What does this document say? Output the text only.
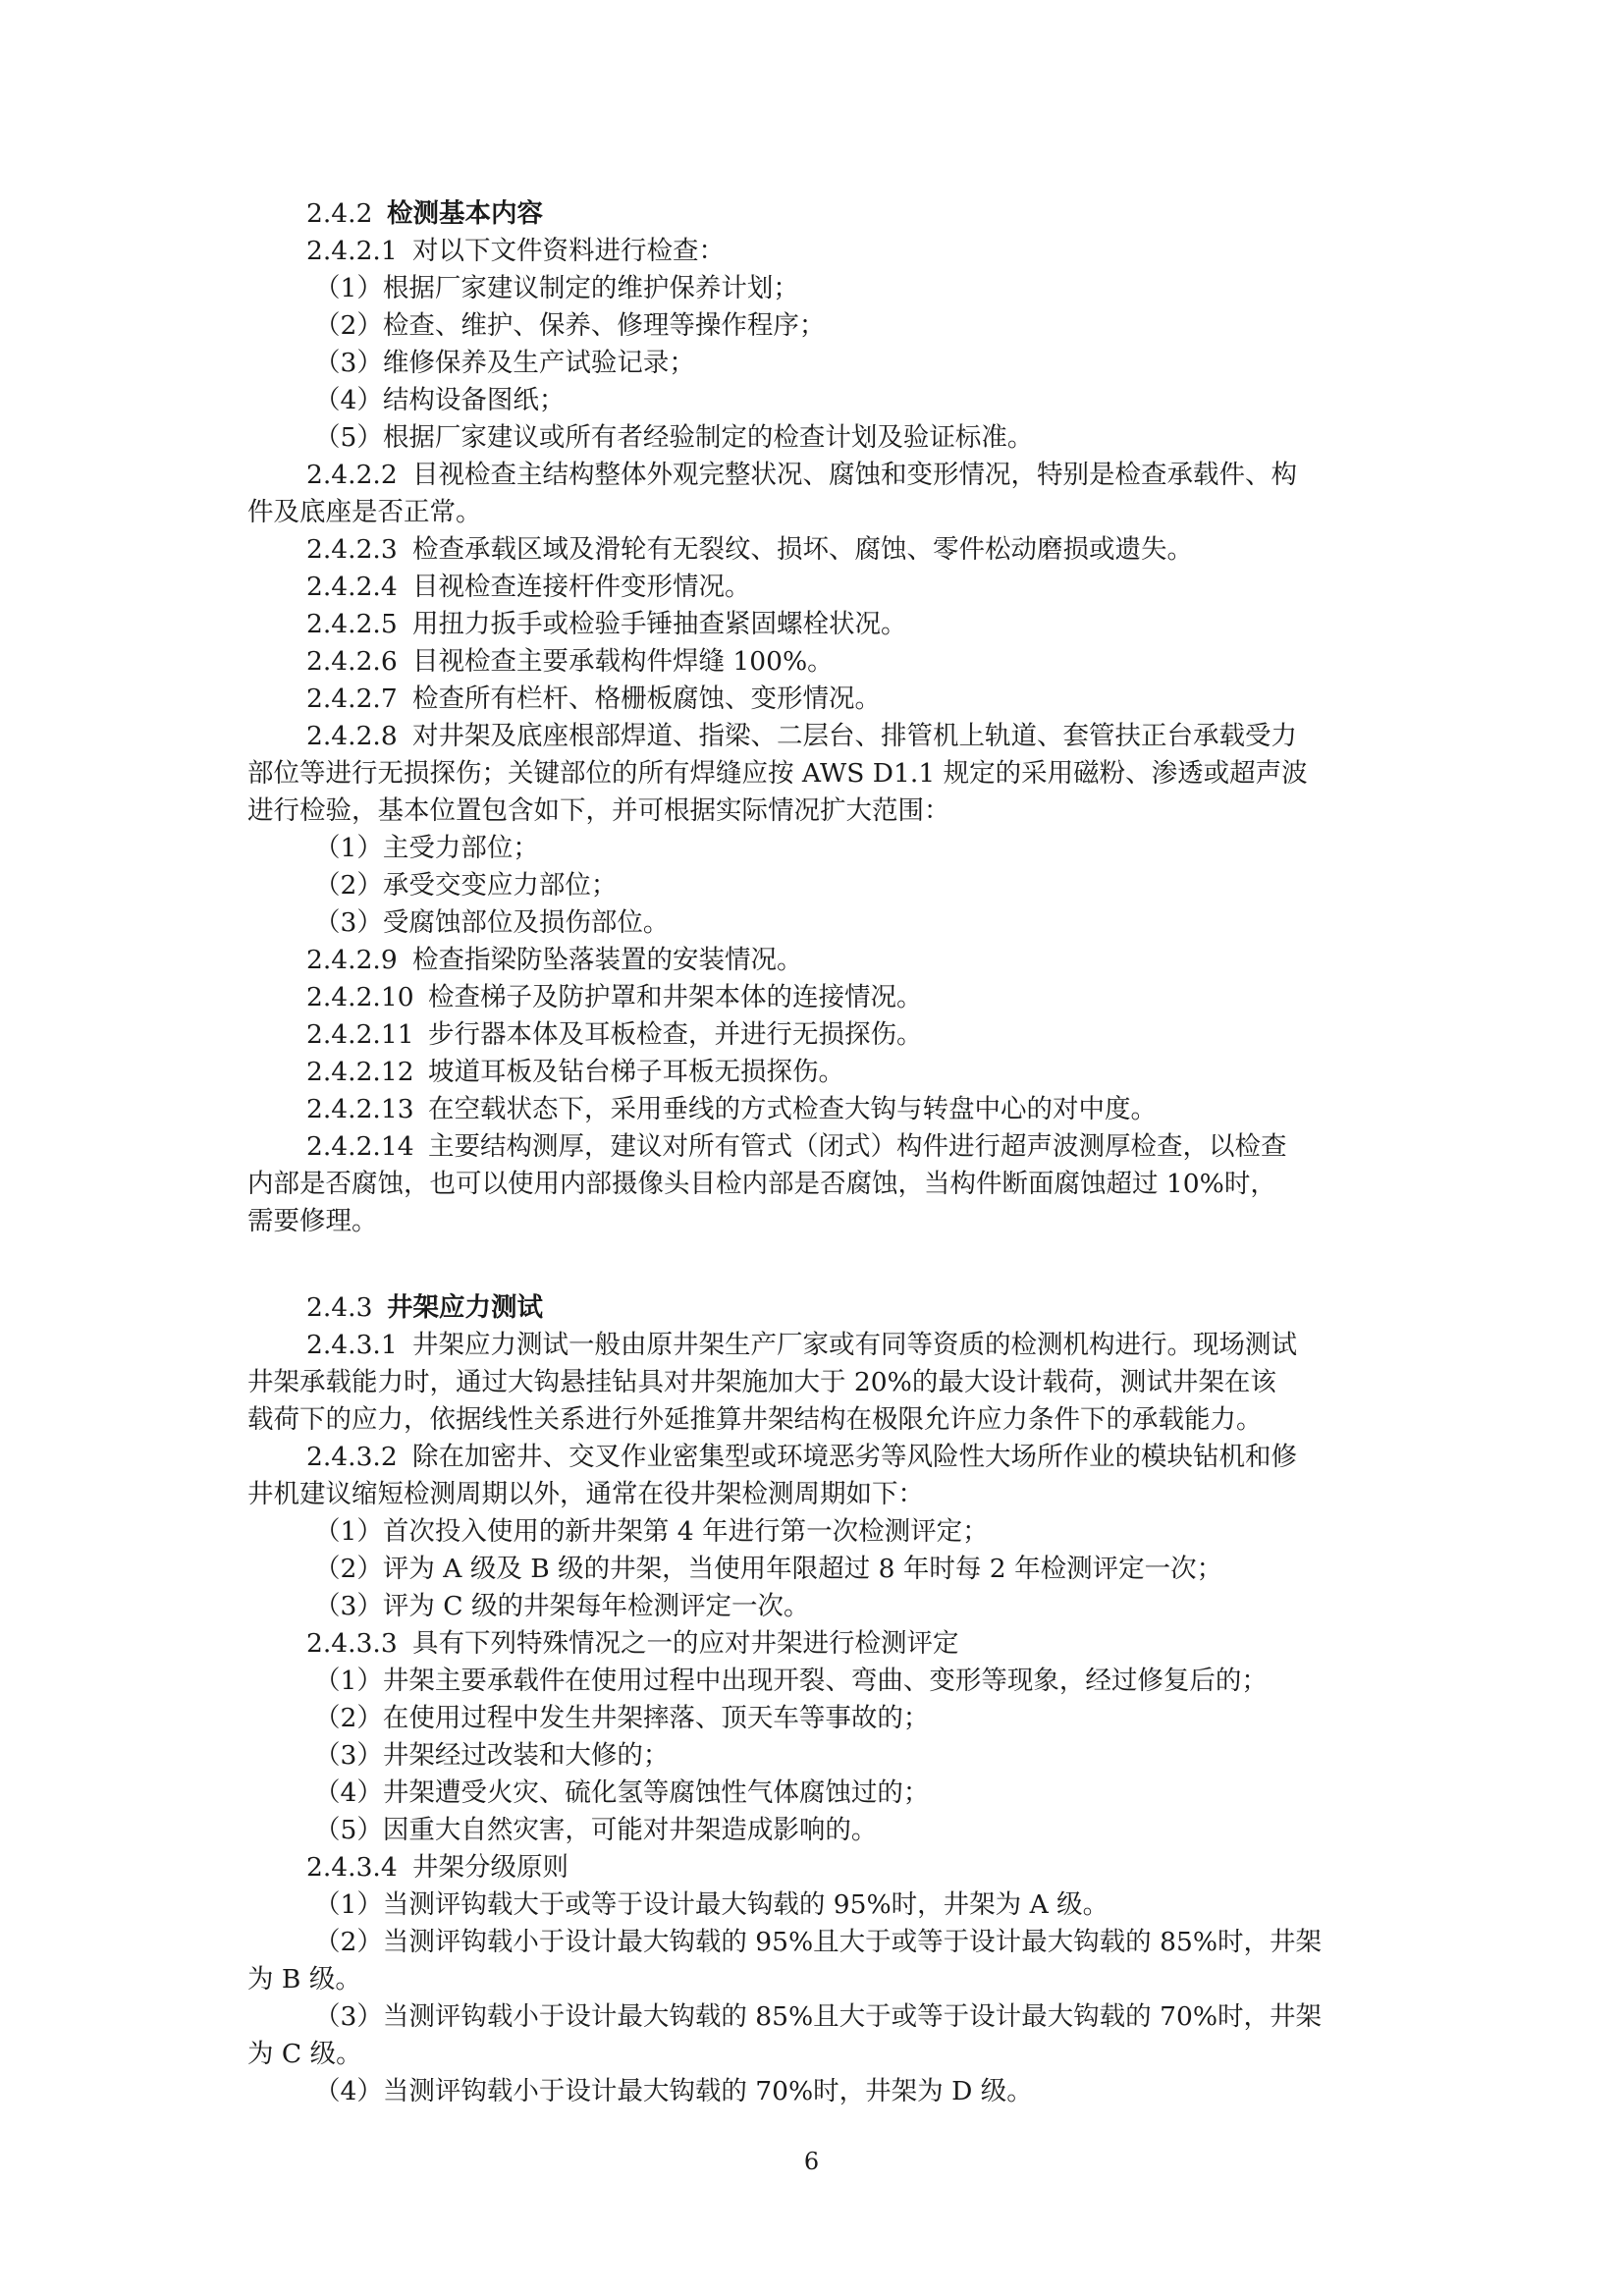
2.4.2 检测基本内容
2.4.2.1 对以下文件资料进行检查：
（1）根据厂家建议制定的维护保养计划；
（2）检查、维护、保养、修理等操作程序；
（3）维修保养及生产试验记录；
（4）结构设备图纸；
（5）根据厂家建议或所有者经验制定的检查计划及验证标准。
2.4.2.2 目视检查主结构整体外观完整状况、腐蚀和变形情况，特别是检查承载件、构
件及底座是否正常。
2.4.2.3 检查承载区域及滑轮有无裂纹、损坏、腐蚀、零件松动磨损或遗失。
2.4.2.4 目视检查连接杆件变形情况。
2.4.2.5 用扭力扳手或检验手锤抽查紧固螺栓状况。
2.4.2.6 目视检查主要承载构件焊缝 100%。
2.4.2.7 检查所有栏杆、格栅板腐蚀、变形情况。
2.4.2.8 对井架及底座根部焊道、指梁、二层台、排管机上轨道、套管扶正台承载受力
部位等进行无损探伤；关键部位的所有焊缝应按 AWS D1.1 规定的采用磁粉、渗透或超声波
进行检验，基本位置包含如下，并可根据实际情况扩大范围：
（1）主受力部位；
（2）承受交变应力部位；
（3）受腐蚀部位及损伤部位。
2.4.2.9 检查指梁防坠落装置的安装情况。
2.4.2.10 检查梯子及防护罩和井架本体的连接情况。
2.4.2.11 步行器本体及耳板检查，并进行无损探伤。
2.4.2.12 坡道耳板及钻台梯子耳板无损探伤。
2.4.2.13 在空载状态下，采用垂线的方式检查大钩与转盘中心的对中度。
2.4.2.14 主要结构测厚，建议对所有管式（闭式）构件进行超声波测厚检查，以检查
内部是否腐蚀，也可以使用内部摄像头目检内部是否腐蚀，当构件断面腐蚀超过 10%时，
需要修理。
2.4.3 井架应力测试
2.4.3.1 井架应力测试一般由原井架生产厂家或有同等资质的检测机构进行。现场测试
井架承载能力时，通过大钩悬挂钻具对井架施加大于 20%的最大设计载荷，测试井架在该
载荷下的应力，依据线性关系进行外延推算井架结构在极限允许应力条件下的承载能力。
2.4.3.2 除在加密井、交叉作业密集型或环境恶劣等风险性大场所作业的模块钻机和修
井机建议缩短检测周期以外，通常在役井架检测周期如下：
（1）首次投入使用的新井架第 4 年进行第一次检测评定；
（2）评为 A 级及 B 级的井架，当使用年限超过 8 年时每 2 年检测评定一次；
（3）评为 C 级的井架每年检测评定一次。
2.4.3.3 具有下列特殊情况之一的应对井架进行检测评定
（1）井架主要承载件在使用过程中出现开裂、弯曲、变形等现象，经过修复后的；
（2）在使用过程中发生井架摔落、顶天车等事故的；
（3）井架经过改装和大修的；
（4）井架遭受火灾、硫化氢等腐蚀性气体腐蚀过的；
（5）因重大自然灾害，可能对井架造成影响的。
2.4.3.4 井架分级原则
（1）当测评钩载大于或等于设计最大钩载的 95%时，井架为 A 级。
（2）当测评钩载小于设计最大钩载的 95%且大于或等于设计最大钩载的 85%时，井架
为 B 级。
（3）当测评钩载小于设计最大钩载的 85%且大于或等于设计最大钩载的 70%时，井架
为 C 级。
（4）当测评钩载小于设计最大钩载的 70%时，井架为 D 级。
6
